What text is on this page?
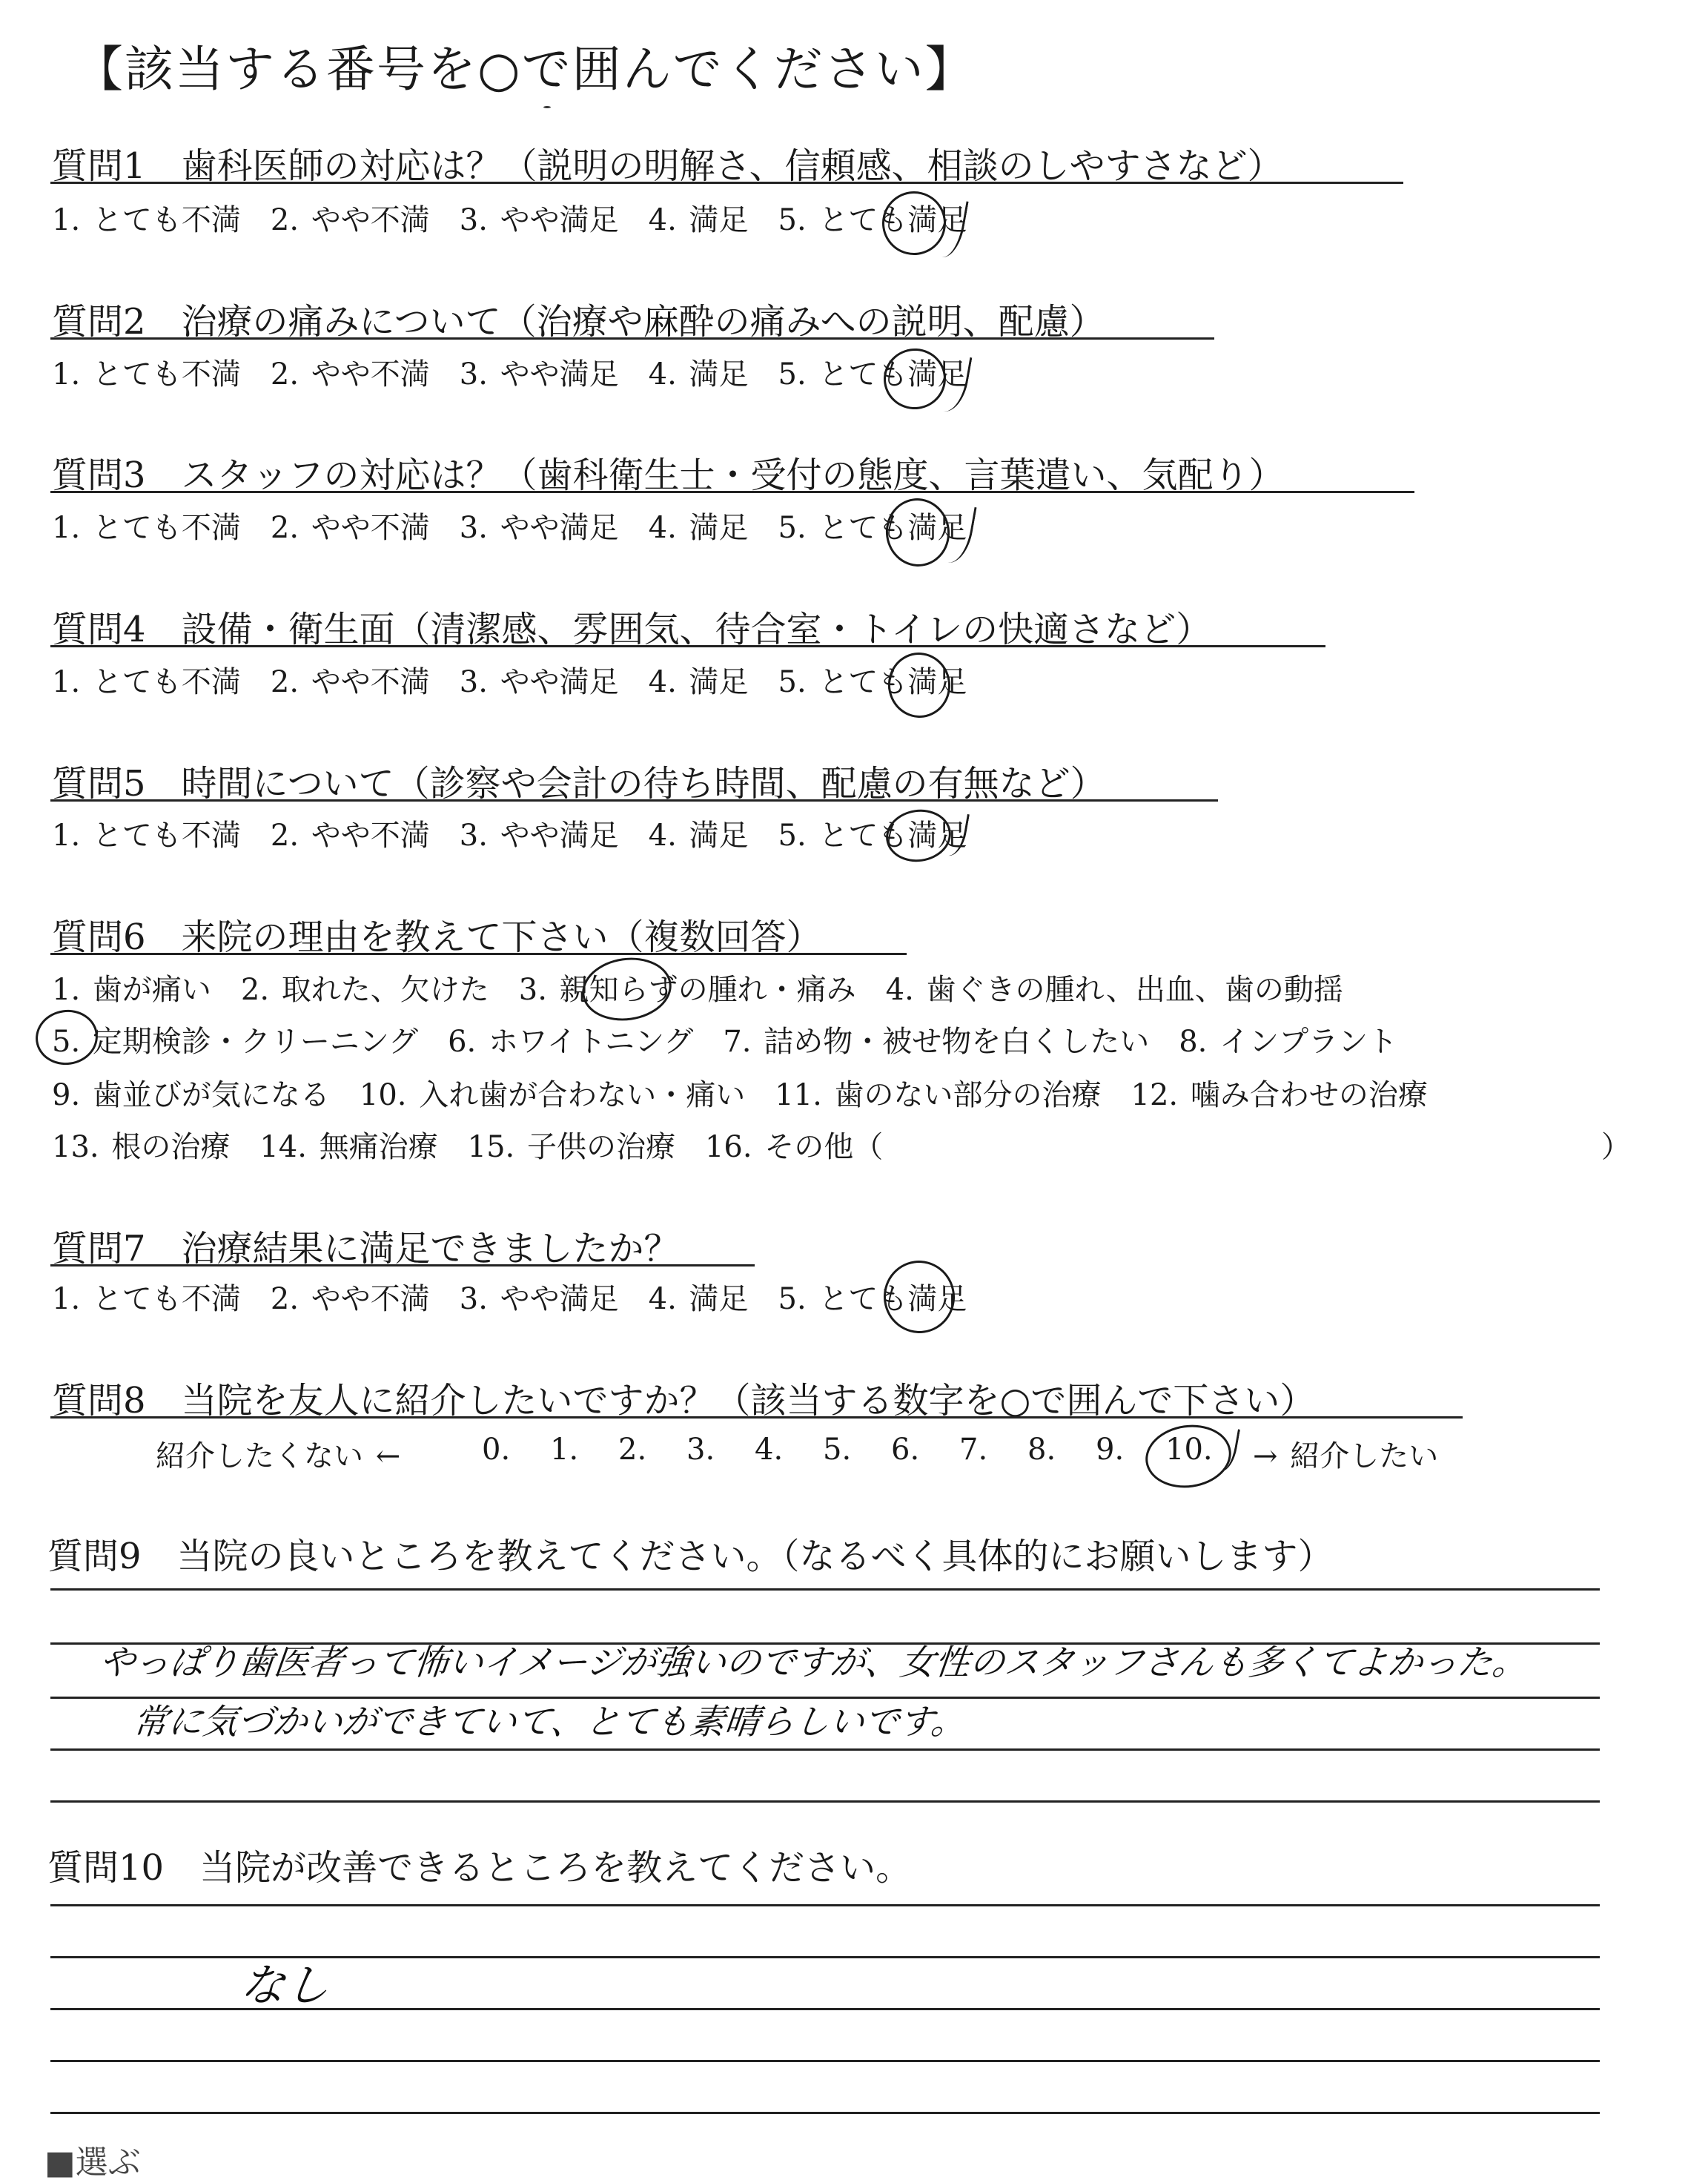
【該当する番号を○で囲んでください】
質問1　歯科医師の対応は？（説明の明解さ、信頼感、相談のしやすさなど）
1. とても不満　2. やや不満　3. やや満足　4. 満足　5. とても満足
質問2　治療の痛みについて（治療や麻酔の痛みへの説明、配慮）
1. とても不満　2. やや不満　3. やや満足　4. 満足　5. とても満足
質問3　スタッフの対応は？（歯科衛生士・受付の態度、言葉遣い、気配り）
1. とても不満　2. やや不満　3. やや満足　4. 満足　5. とても満足
質問4　設備・衛生面（清潔感、雰囲気、待合室・トイレの快適さなど）
1. とても不満　2. やや不満　3. やや満足　4. 満足　5. とても満足
質問5　時間について（診察や会計の待ち時間、配慮の有無など）
1. とても不満　2. やや不満　3. やや満足　4. 満足　5. とても満足
質問6　来院の理由を教えて下さい（複数回答）
1. 歯が痛い　2. 取れた、欠けた　3. 親知らずの腫れ・痛み　4. 歯ぐきの腫れ、出血、歯の動揺
5. 定期検診・クリーニング　6. ホワイトニング　7. 詰め物・被せ物を白くしたい　8. インプラント
9. 歯並びが気になる　10. 入れ歯が合わない・痛い　11. 歯のない部分の治療　12. 噛み合わせの治療
13. 根の治療　14. 無痛治療　15. 子供の治療　16. その他（	）
質問7　治療結果に満足できましたか？
1. とても不満　2. やや不満　3. やや満足　4. 満足　5. とても満足
質問8　当院を友人に紹介したいですか？（該当する数字を○で囲んで下さい）
紹介したくない ←	0. 1. 2. 3. 4. 5. 6. 7. 8. 9. 10. → 紹介したい
質問9　当院の良いところを教えてください。（なるべく具体的にお願いします）
やっぱり歯医者って怖いイメージが強いのですが、女性のスタッフさんも多くてよかった。
常に気づかいができていて、とても素晴らしいです。
質問10　当院が改善できるところを教えてください。
なし
■選ぶ
